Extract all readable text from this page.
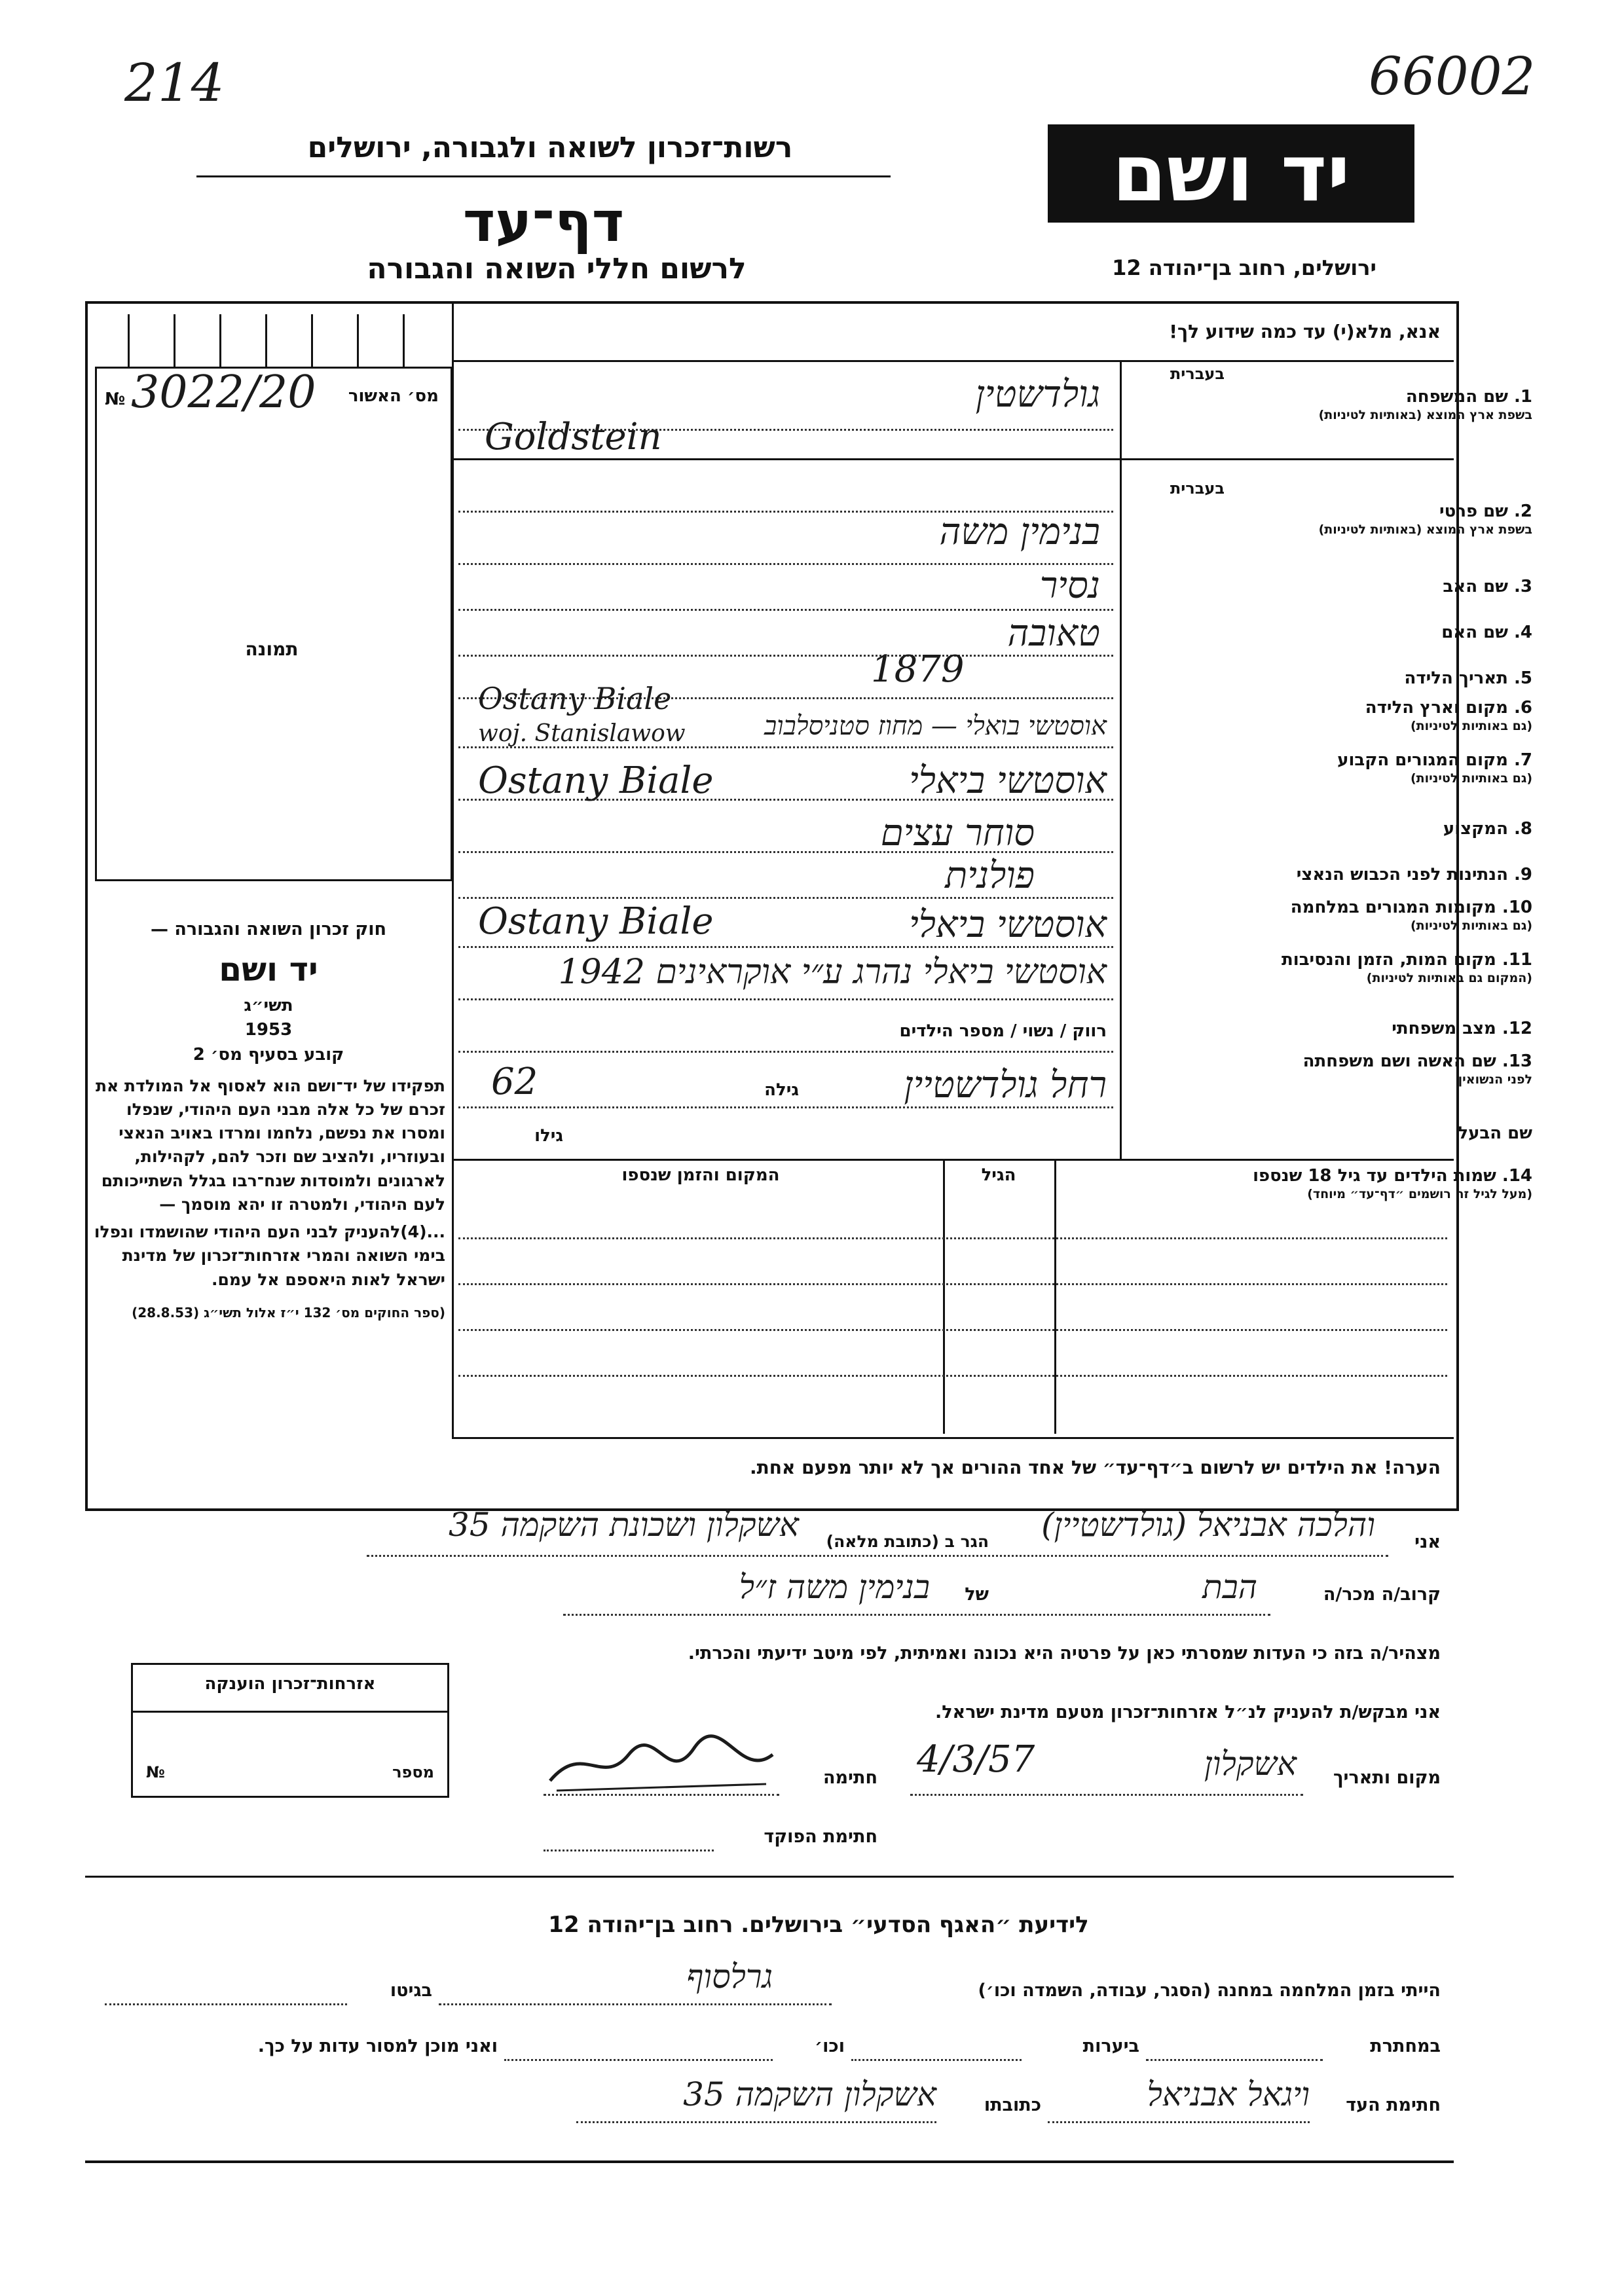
214	66002
רשות־זכרון לשואה ולגבורה, ירושלים
דף־עד
לרשום חללי השואה והגבורה
יד ושם
ירושלים, רחוב בן־יהודה 12
מס׳ האשור
№ 3022/20
תמונה
חוק זכרון השואה והגבורה —
יד ושם
תשי״ג
1953
קובע בסעיף מס׳ 2
תפקידו של יד־ושם הוא לאסוף אל המולדת את זכרם של כל אלה מבני העם היהודי, שנפלו ומסרו את נפשם, נלחמו ומרדו באויב הנאצי ובעוזריו, ולהציב שם וזכר להם, לקהילות, לארגונים ולמוסדות שנח־רבו בגלל השתייכותם לעם היהודי, ולמטרה זו יהא מוסמך —
...(4)להעניק לבני העם היהודי שהושמדו ונפלו בימי השואה והמרי אזרחות־זכרון של מדינת ישראל לאות היאספם אל עמם.
(ספר החוקים מס׳ 132 י״ז אלול תשי״ג (28.8.53)
אנא, מלא(י) עד כמה שידוע לך!
בעברית
1. שם המשפחה
בשפת ארץ המוצא (באותיות לטיניות)
בעברית
2. שם פרטי
בשפת ארץ המוצא (באותיות לטיניות)
3. שם האב
4. שם האם
5. תאריך הלידה
6. מקום וארץ הלידה
(גם באותיות לטיניות)
7. מקום המגורים הקבוע
(גם באותיות לטיניות)
8. המקצוע
9. הנתינות לפני הכבוש הנאצי
10. מקומות המגורים במלחמה
(גם באותיות לטיניות)
11. מקום המות, הזמן והנסיבות
(המקום גם באותיות לטיניות)
12. מצב משפחתי
13. שם האשה ושם משפחתה
לפני הנשואין
שם הבעל
גולדשטין
Goldstein
בנימין משה
נסיר
טאובה
1879
Ostany Biale
אוסטשי בואלי — מחוז סטניסלבוב
woj. Stanislawow
אוסטשי ביאלי
Ostany Biale
סוחר עצים
פולנית
Ostany Biale	אוסטשי ביאלי
אוסטשי ביאלי נהרג ע״י אוקראינים 1942
רווק / נשוי / מספר הילדים
רחל גולדשטיין
גילה
62
גילו
14. שמות הילדים עד גיל 18 שנספו
(מעל לגיל זה רושמים ״דף־עד״ מיוחד)
הגיל
המקום והזמן שנספו
הערה! את הילדים יש לרשום ב״דף־עד״ של אחד ההורים אך לא יותר מפעם אחת.
אני
והלכה אבניאל (גולדשטיין)
הגר ב (כתובת מלאה)
אשקלון ושכונת השקמה 35
קרוב/ה מכר/ה
הבת
של
בנימין משה ז״ל
מצהיר/ה בזה כי העדות שמסרתי כאן על פרטיה היא נכונה ואמיתית, לפי מיטב ידיעתי והכרתי.
אני מבקש/ת להעניק לנ״ל אזרחות־זכרון מטעם מדינת ישראל.
מקום ותאריך
אשקלון
4/3/57
חתימה
חתימת הפוקד
אזרחות־זכרון הוענקה
מספר
№
לידיעת ״האגף הסדעי״ בירושלים. רחוב בן־יהודה 12
הייתי בזמן המלחמה במחנה (הסגר, עבודה, השמדה וכו׳)
גרלסוף
בגיטו
במחתרת
ביערות
וכו׳
ואני מוכן למסור עדות על כך.
חתימת העד
ויגאל אבניאל
כתובתו
אשקלון השקמה 35
